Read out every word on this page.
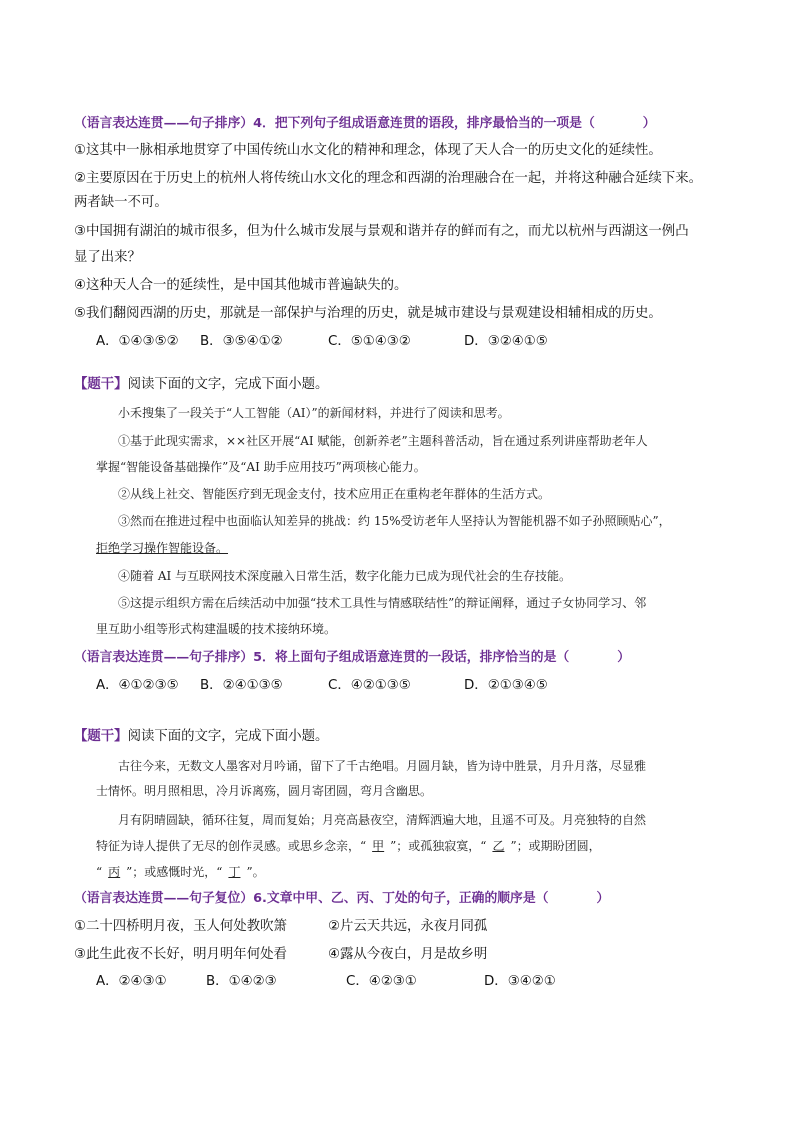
（语言表达连贯——句子排序）4．把下列句子组成语意连贯的语段，排序最恰当的一项是（	）
①这其中一脉相承地贯穿了中国传统山水文化的精神和理念，体现了天人合一的历史文化的延续性。
②主要原因在于历史上的杭州人将传统山水文化的理念和西湖的治理融合在一起，并将这种融合延续下来。
两者缺一不可。
③中国拥有湖泊的城市很多，但为什么城市发展与景观和谐并存的鲜而有之，而尤以杭州与西湖这一例凸
显了出来？
④这种天人合一的延续性，是中国其他城市普遍缺失的。
⑤我们翻阅西湖的历史，那就是一部保护与治理的历史，就是城市建设与景观建设相辅相成的历史。
A．①④③⑤② B．③⑤④①②	C．⑤①④③②	D．③②④①⑤
【题干】阅读下面的文字，完成下面小题。
小禾搜集了一段关于“人工智能（AI）”的新闻材料，并进行了阅读和思考。
①基于此现实需求，××社区开展“AI 赋能，创新养老”主题科普活动，旨在通过系列讲座帮助老年人
掌握“智能设备基础操作”及“AI 助手应用技巧”两项核心能力。
②从线上社交、智能医疗到无现金支付，技术应用正在重构老年群体的生活方式。
③然而在推进过程中也面临认知差异的挑战：约 15%受访老年人坚持认为智能机器不如子孙照顾贴心”，
拒绝学习操作智能设备。
④随着 AI 与互联网技术深度融入日常生活，数字化能力已成为现代社会的生存技能。
⑤这提示组织方需在后续活动中加强“技术工具性与情感联结性”的辩证阐释，通过子女协同学习、邻
里互助小组等形式构建温暖的技术接纳环境。
（语言表达连贯——句子排序）5．将上面句子组成语意连贯的一段话，排序恰当的是（	）
A．④①②③⑤ B．②④①③⑤	C．④②①③⑤	D．②①③④⑤
【题干】阅读下面的文字，完成下面小题。
古往今来，无数文人墨客对月吟诵，留下了千古绝唱。月圆月缺，皆为诗中胜景，月升月落，尽显雅
士情怀。明月照相思，冷月诉离殇，圆月寄团圆，弯月含幽思。
月有阴晴圆缺，循环往复，周而复始；月亮高悬夜空，清辉洒遍大地，且遥不可及。月亮独特的自然
特征为诗人提供了无尽的创作灵感。或思乡念亲，“ 甲 ”；或孤独寂寞，“ 乙 ”；或期盼团圆，
“ 丙 ”；或感慨时光，“ 丁 ”。
（语言表达连贯——句子复位）6.文章中甲、乙、丙、丁处的句子，正确的顺序是（	）
①二十四桥明月夜，玉人何处教吹箫	②片云天共远，永夜月同孤
③此生此夜不长好，明月明年何处看	④露从今夜白，月是故乡明
A．②④③①	B．①④②③	C．④②③①	D．③④②①
